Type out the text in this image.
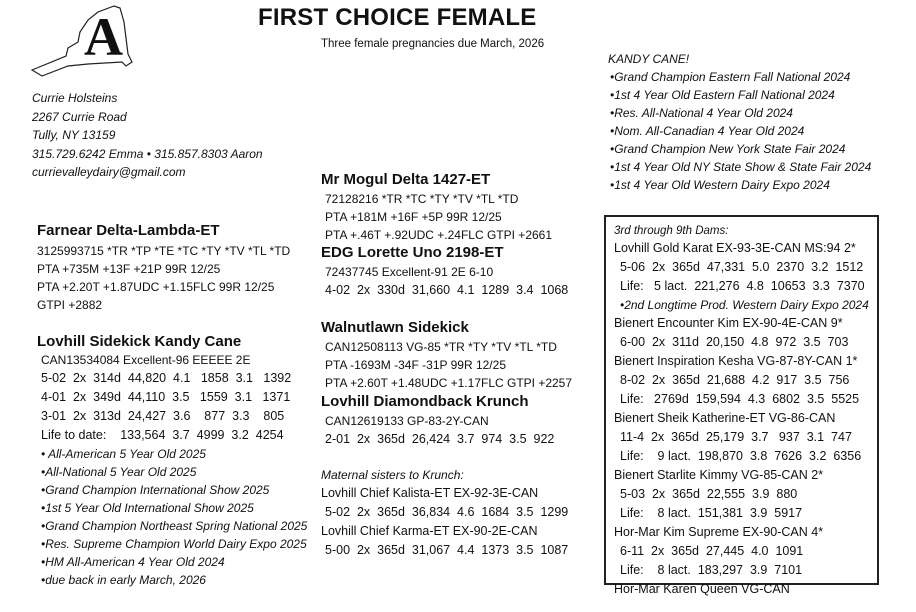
A	FIRST CHOICE FEMALE
Three female pregnancies due March, 2026
Currie Holsteins
2267 Currie Road
Tully, NY 13159
315.729.6242 Emma • 315.857.8303 Aaron
currievalleydairy@gmail.com
Farnear Delta-Lambda-ET
3125993715 *TR *TP *TE *TC *TY *TV *TL *TD
PTA +735M +13F +21P 99R 12/25
PTA +2.20T +1.87UDC +1.15FLC 99R 12/25
GTPI +2882
Lovhill Sidekick Kandy Cane
CAN13534084 Excellent-96 EEEEE 2E
5-02  2x  314d  44,820  4.1   1858  3.1   1392
4-01  2x  349d  44,110  3.5   1559  3.1   1371
3-01  2x  313d  24,427  3.6    877  3.3    805
Life to date:    133,564  3.7  4999  3.2  4254
• All-American 5 Year Old 2025
•All-National 5 Year Old 2025
•Grand Champion International Show 2025
•1st 5 Year Old International Show 2025
•Grand Champion Northeast Spring National 2025
•Res. Supreme Champion World Dairy Expo 2025
•HM All-American 4 Year Old 2024
•due back in early March, 2026
KANDY CANE!
•Grand Champion Eastern Fall National 2024
•1st 4 Year Old Eastern Fall National 2024
•Res. All-National 4 Year Old 2024
•Nom. All-Canadian 4 Year Old 2024
•Grand Champion New York State Fair 2024
•1st 4 Year Old NY State Show & State Fair 2024
•1st 4 Year Old Western Dairy Expo 2024
Mr Mogul Delta 1427-ET
72128216 *TR *TC *TY *TV *TL *TD
PTA +181M +16F +5P 99R 12/25
PTA +.46T +.92UDC +.24FLC GTPI +2661
EDG Lorette Uno 2198-ET
72437745 Excellent-91 2E 6-10
4-02  2x  330d  31,660  4.1  1289  3.4  1068
Walnutlawn Sidekick
CAN12508113 VG-85 *TR *TY *TV *TL *TD
PTA -1693M -34F -31P 99R 12/25
PTA +2.60T +1.48UDC +1.17FLC GTPI +2257
Lovhill Diamondback Krunch
CAN12619133 GP-83-2Y-CAN
2-01  2x  365d  26,424  3.7  974  3.5  922
Maternal sisters to Krunch:
Lovhill Chief Kalista-ET EX-92-3E-CAN
5-02  2x  365d  36,834  4.6  1684  3.5  1299
Lovhill Chief Karma-ET EX-90-2E-CAN
5-00  2x  365d  31,067  4.4  1373  3.5  1087
3rd through 9th Dams:
Lovhill Gold Karat EX-93-3E-CAN MS:94 2*
5-06  2x  365d  47,331  5.0  2370  3.2  1512
Life:   5 lact.  221,276  4.8  10653  3.3  7370
•2nd Longtime Prod. Western Dairy Expo 2024
Bienert Encounter Kim EX-90-4E-CAN 9*
6-00  2x  311d  20,150  4.8  972  3.5  703
Bienert Inspiration Kesha VG-87-8Y-CAN 1*
8-02  2x  365d  21,688  4.2  917  3.5  756
Life:   2769d  159,594  4.3  6802  3.5  5525
Bienert Sheik Katherine-ET VG-86-CAN
11-4  2x  365d  25,179  3.7   937  3.1  747
Life:    9 lact.  198,870  3.8  7626  3.2  6356
Bienert Starlite Kimmy VG-85-CAN 2*
5-03  2x  365d  22,555  3.9  880
Life:    8 lact.  151,381  3.9  5917
Hor-Mar Kim Supreme EX-90-CAN 4*
6-11  2x  365d  27,445  4.0  1091
Life:    8 lact.  183,297  3.9  7101
Hor-Mar Karen Queen VG-CAN
